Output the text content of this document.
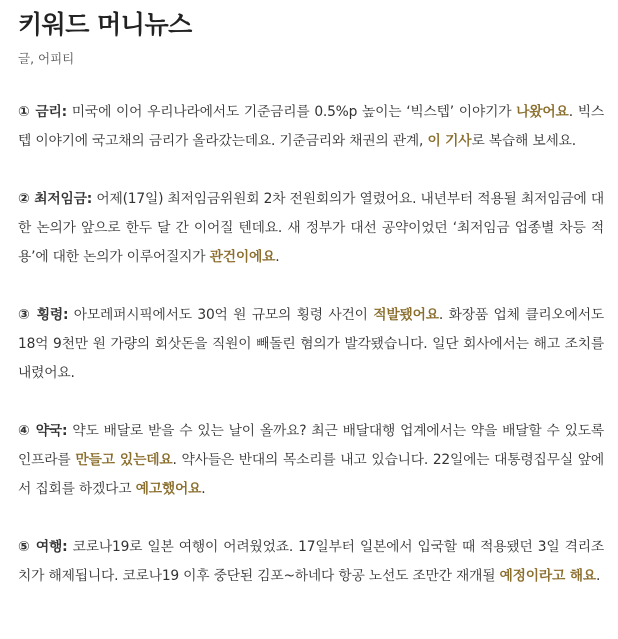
키워드 머니뉴스

글, 어피티

① 금리: 미국에 이어 우리나라에서도 기준금리를 0.5%p 높이는 ‘빅스텝’ 이야기가 나왔어요. 빅스텝 이야기에 국고채의 금리가 올라갔는데요. 기준금리와 채권의 관계, 이 기사로 복습해 보세요.

② 최저임금: 어제(17일) 최저임금위원회 2차 전원회의가 열렸어요. 내년부터 적용될 최저임금에 대한 논의가 앞으로 한두 달 간 이어질 텐데요. 새 정부가 대선 공약이었던 ‘최저임금 업종별 차등 적용’에 대한 논의가 이루어질지가 관건이에요.

③ 횡령: 아모레퍼시픽에서도 30억 원 규모의 횡령 사건이 적발됐어요. 화장품 업체 클리오에서도 18억 9천만 원 가량의 회삿돈을 직원이 빼돌린 혐의가 발각됐습니다. 일단 회사에서는 해고 조치를 내렸어요.

④ 약국: 약도 배달로 받을 수 있는 날이 올까요? 최근 배달대행 업계에서는 약을 배달할 수 있도록 인프라를 만들고 있는데요. 약사들은 반대의 목소리를 내고 있습니다. 22일에는 대통령집무실 앞에서 집회를 하겠다고 예고했어요.

⑤ 여행: 코로나19로 일본 여행이 어려웠었죠. 17일부터 일본에서 입국할 때 적용됐던 3일 격리조치가 해제됩니다. 코로나19 이후 중단된 김포~하네다 항공 노선도 조만간 재개될 예정이라고 해요.
